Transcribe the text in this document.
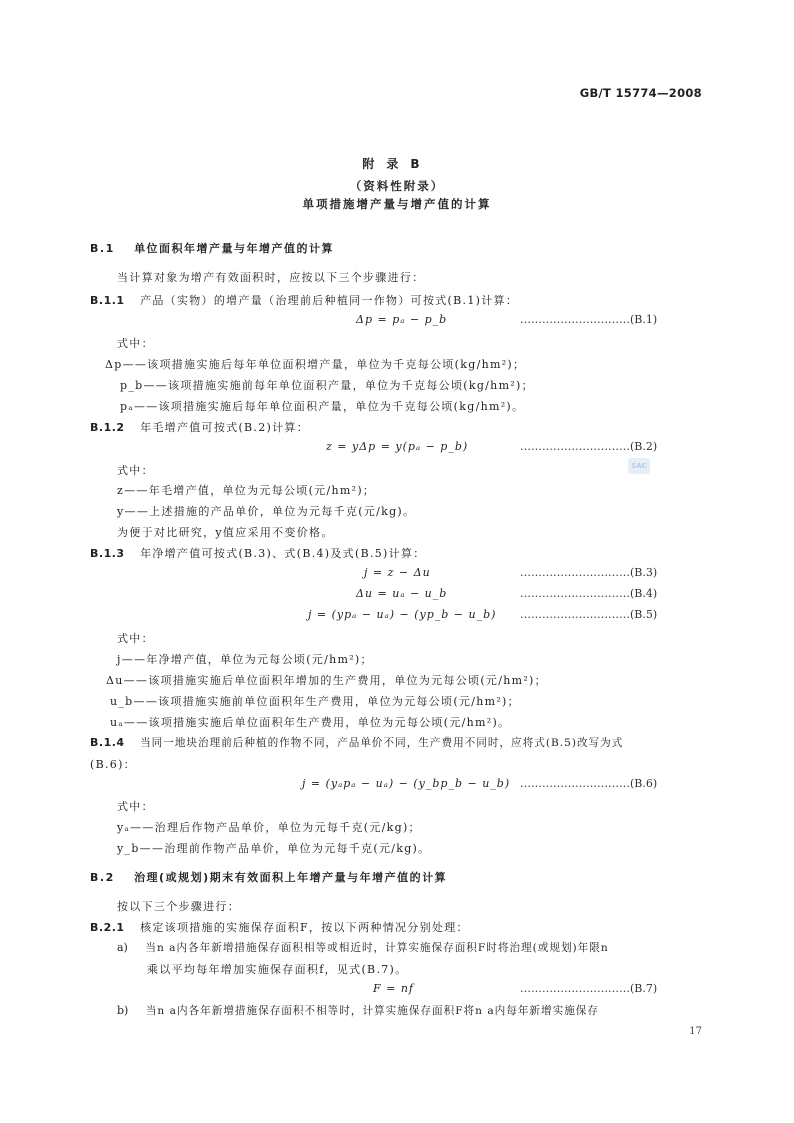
GB/T 15774—2008
附录B
（资料性附录）
单项措施增产量与增产值的计算
B.1 单位面积年增产量与年增产值的计算
当计算对象为增产有效面积时，应按以下三个步骤进行：
B.1.1 产品（实物）的增产量（治理前后种植同一作物）可按式(B.1)计算：
Δp = pₐ − p_b	…………………………(B.1)
式中：
Δp——该项措施实施后每年单位面积增产量，单位为千克每公顷(kg/hm²)；
p_b——该项措施实施前每年单位面积产量，单位为千克每公顷(kg/hm²)；
pₐ——该项措施实施后每年单位面积产量，单位为千克每公顷(kg/hm²)。
B.1.2 年毛增产值可按式(B.2)计算：
z = yΔp = y(pₐ − p_b)	…………………………(B.2)
式中：
z——年毛增产值，单位为元每公顷(元/hm²)；
y——上述措施的产品单价，单位为元每千克(元/kg)。
为便于对比研究，y值应采用不变价格。
SAC
B.1.3 年净增产值可按式(B.3)、式(B.4)及式(B.5)计算：
j = z − Δu	…………………………(B.3)
Δu = uₐ − u_b	…………………………(B.4)
j = (ypₐ − uₐ) − (yp_b − u_b) …………………………(B.5)
式中：
j——年净增产值，单位为元每公顷(元/hm²)；
Δu——该项措施实施后单位面积年增加的生产费用，单位为元每公顷(元/hm²)；
u_b——该项措施实施前单位面积年生产费用，单位为元每公顷(元/hm²)；
uₐ——该项措施实施后单位面积年生产费用，单位为元每公顷(元/hm²)。
B.1.4 当同一地块治理前后种植的作物不同，产品单价不同，生产费用不同时，应将式(B.5)改写为式
(B.6)：
j = (yₐpₐ − uₐ) − (y_bp_b − u_b) …………………………(B.6)
式中：
yₐ——治理后作物产品单价，单位为元每千克(元/kg)；
y_b——治理前作物产品单价，单位为元每千克(元/kg)。
B.2 治理(或规划)期末有效面积上年增产量与年增产值的计算
按以下三个步骤进行：
B.2.1 核定该项措施的实施保存面积F，按以下两种情况分别处理：
a) 当n a内各年新增措施保存面积相等或相近时，计算实施保存面积F时将治理(或规划)年限n
乘以平均每年增加实施保存面积f，见式(B.7)。
F = nf	…………………………(B.7)
b) 当n a内各年新增措施保存面积不相等时，计算实施保存面积F将n a内每年新增实施保存
17
